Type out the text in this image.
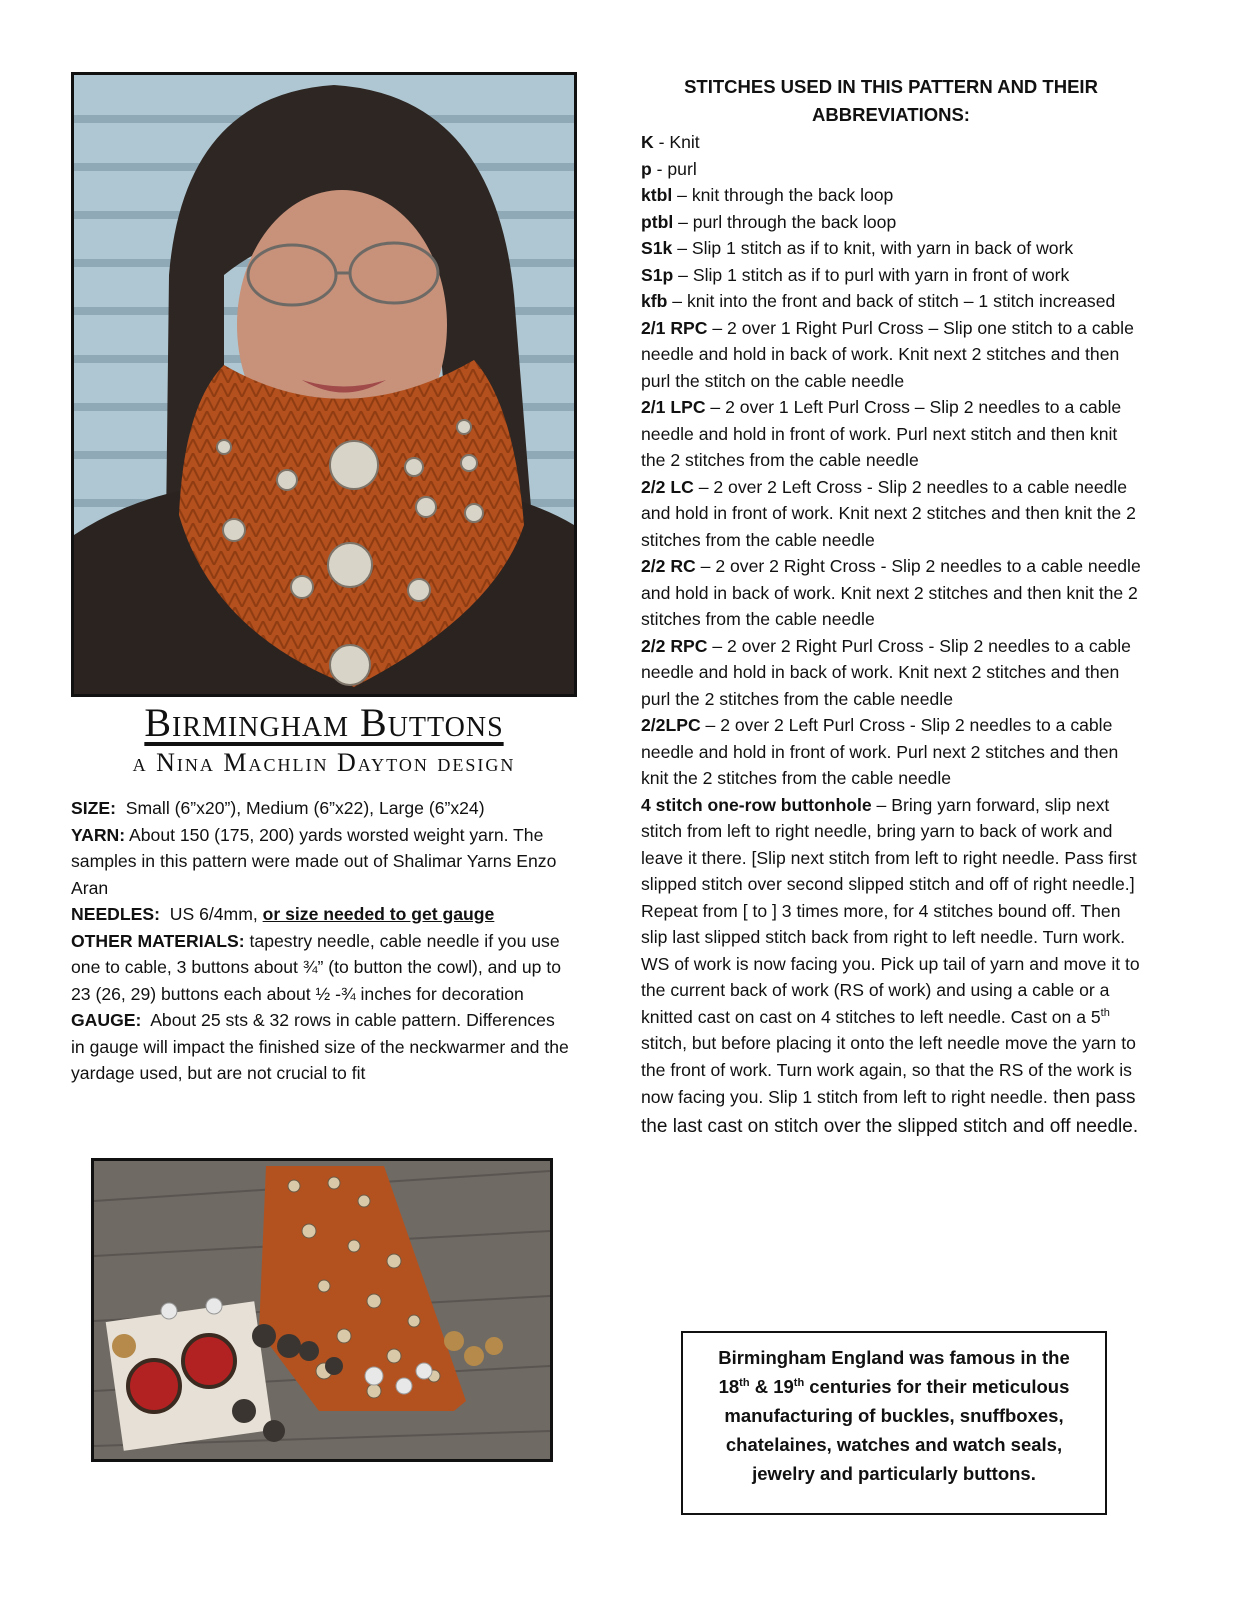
Birmingham Buttons
a Nina Machlin Dayton design

SIZE: Small (6”x20”), Medium (6”x22), Large (6”x24)

YARN: About 150 (175, 200) yards worsted weight yarn. The samples in this pattern were made out of Shalimar Yarns Enzo Aran

NEEDLES: US 6/4mm, or size needed to get gauge

OTHER MATERIALS: tapestry needle, cable needle if you use one to cable, 3 buttons about ¾” (to button the cowl), and up to 23 (26, 29) buttons each about ½ -¾ inches for decoration

GAUGE: About 25 sts & 32 rows in cable pattern. Differences in gauge will impact the finished size of the neckwarmer and the yardage used, but are not crucial to fit

STITCHES USED IN THIS PATTERN AND THEIR ABBREVIATIONS:

K - Knit

p - purl

ktbl – knit through the back loop

ptbl – purl through the back loop

S1k – Slip 1 stitch as if to knit, with yarn in back of work

S1p – Slip 1 stitch as if to purl with yarn in front of work

kfb – knit into the front and back of stitch – 1 stitch increased

2/1 RPC – 2 over 1 Right Purl Cross – Slip one stitch to a cable needle and hold in back of work. Knit next 2 stitches and then purl the stitch on the cable needle

2/1 LPC – 2 over 1 Left Purl Cross – Slip 2 needles to a cable needle and hold in front of work. Purl next stitch and then knit the 2 stitches from the cable needle

2/2 LC – 2 over 2 Left Cross - Slip 2 needles to a cable needle and hold in front of work. Knit next 2 stitches and then knit the 2 stitches from the cable needle

2/2 RC – 2 over 2 Right Cross - Slip 2 needles to a cable needle and hold in back of work. Knit next 2 stitches and then knit the 2 stitches from the cable needle

2/2 RPC – 2 over 2 Right Purl Cross - Slip 2 needles to a cable needle and hold in back of work. Knit next 2 stitches and then purl the 2 stitches from the cable needle

2/2LPC – 2 over 2 Left Purl Cross - Slip 2 needles to a cable needle and hold in front of work. Purl next 2 stitches and then knit the 2 stitches from the cable needle

4 stitch one-row buttonhole – Bring yarn forward, slip next stitch from left to right needle, bring yarn to back of work and leave it there. [Slip next stitch from left to right needle. Pass first slipped stitch over second slipped stitch and off of right needle.] Repeat from [ to ] 3 times more, for 4 stitches bound off. Then slip last slipped stitch back from right to left needle. Turn work. WS of work is now facing you. Pick up tail of yarn and move it to the current back of work (RS of work) and using a cable or a knitted cast on cast on 4 stitches to left needle. Cast on a 5th stitch, but before placing it onto the left needle move the yarn to the front of work. Turn work again, so that the RS of the work is now facing you. Slip 1 stitch from left to right needle. then pass the last cast on stitch over the slipped stitch and off needle.

Birmingham England was famous in the
18th & 19th centuries for their meticulous manufacturing of buckles, snuffboxes, chatelaines, watches and watch seals, jewelry and particularly buttons.
